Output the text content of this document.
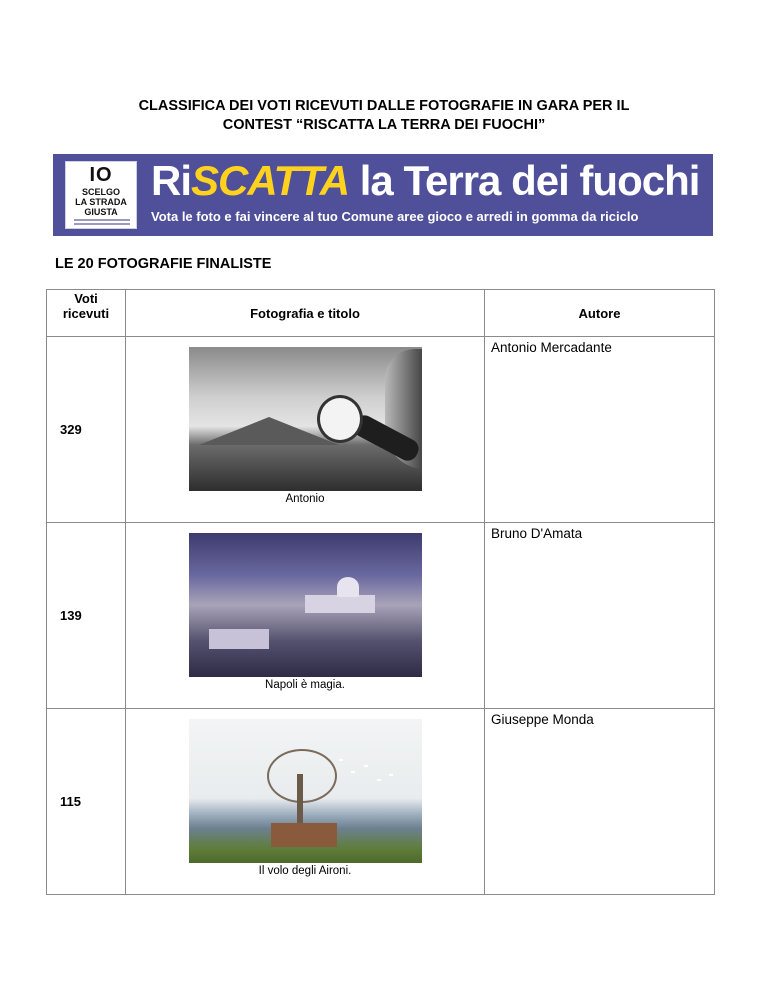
CLASSIFICA DEI VOTI RICEVUTI DALLE FOTOGRAFIE IN GARA PER IL
CONTEST “RISCATTA LA TERRA DEI FUOCHI”
IO
SCELGO
LA STRADA
GIUSTA
RiSCATTA la Terra dei fuochi
Vota le foto e fai vincere al tuo Comune aree gioco e arredi in gomma da riciclo
LE 20 FOTOGRAFIE FINALISTE
Voti
ricevuti	Fotografia e titolo	Autore
329	Antonio	Antonio Mercadante
139	Napoli è magia.	Bruno D'Amata
115	Il volo degli Aironi.	Giuseppe Monda
